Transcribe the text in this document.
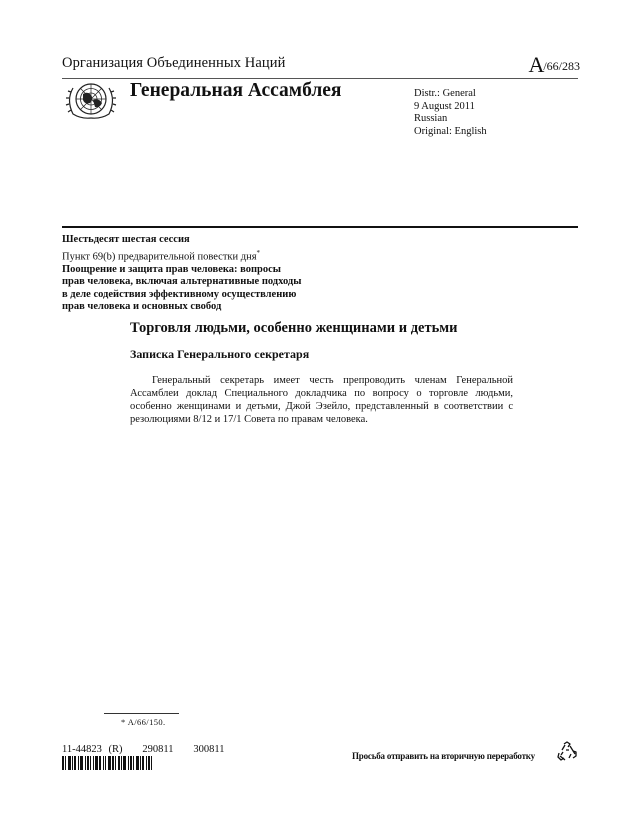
Организация Объединенных Наций	A/66/283
Генеральная Ассамблея	Distr.: General
9 August 2011
Russian
Original: English
Шестьдесят шестая сессия
Пункт 69(b) предварительной повестки дня*
Поощрение и защита прав человека: вопросы
прав человека, включая альтернативные подходы
в деле содействия эффективному осуществлению
прав человека и основных свобод
Торговля людьми, особенно женщинами и детьми
Записка Генерального секретаря
Генеральный секретарь имеет честь препроводить членам Генеральной Ассамблеи доклад Специального докладчика по вопросу о торговле людьми, особенно женщинами и детьми, Джой Эзейло, представленный в соответствии с резолюциями 8/12 и 17/1 Совета по правам человека.
* A/66/150.
11-44823 (R)   290811   300811
Просьба отправить на вторичную переработку
